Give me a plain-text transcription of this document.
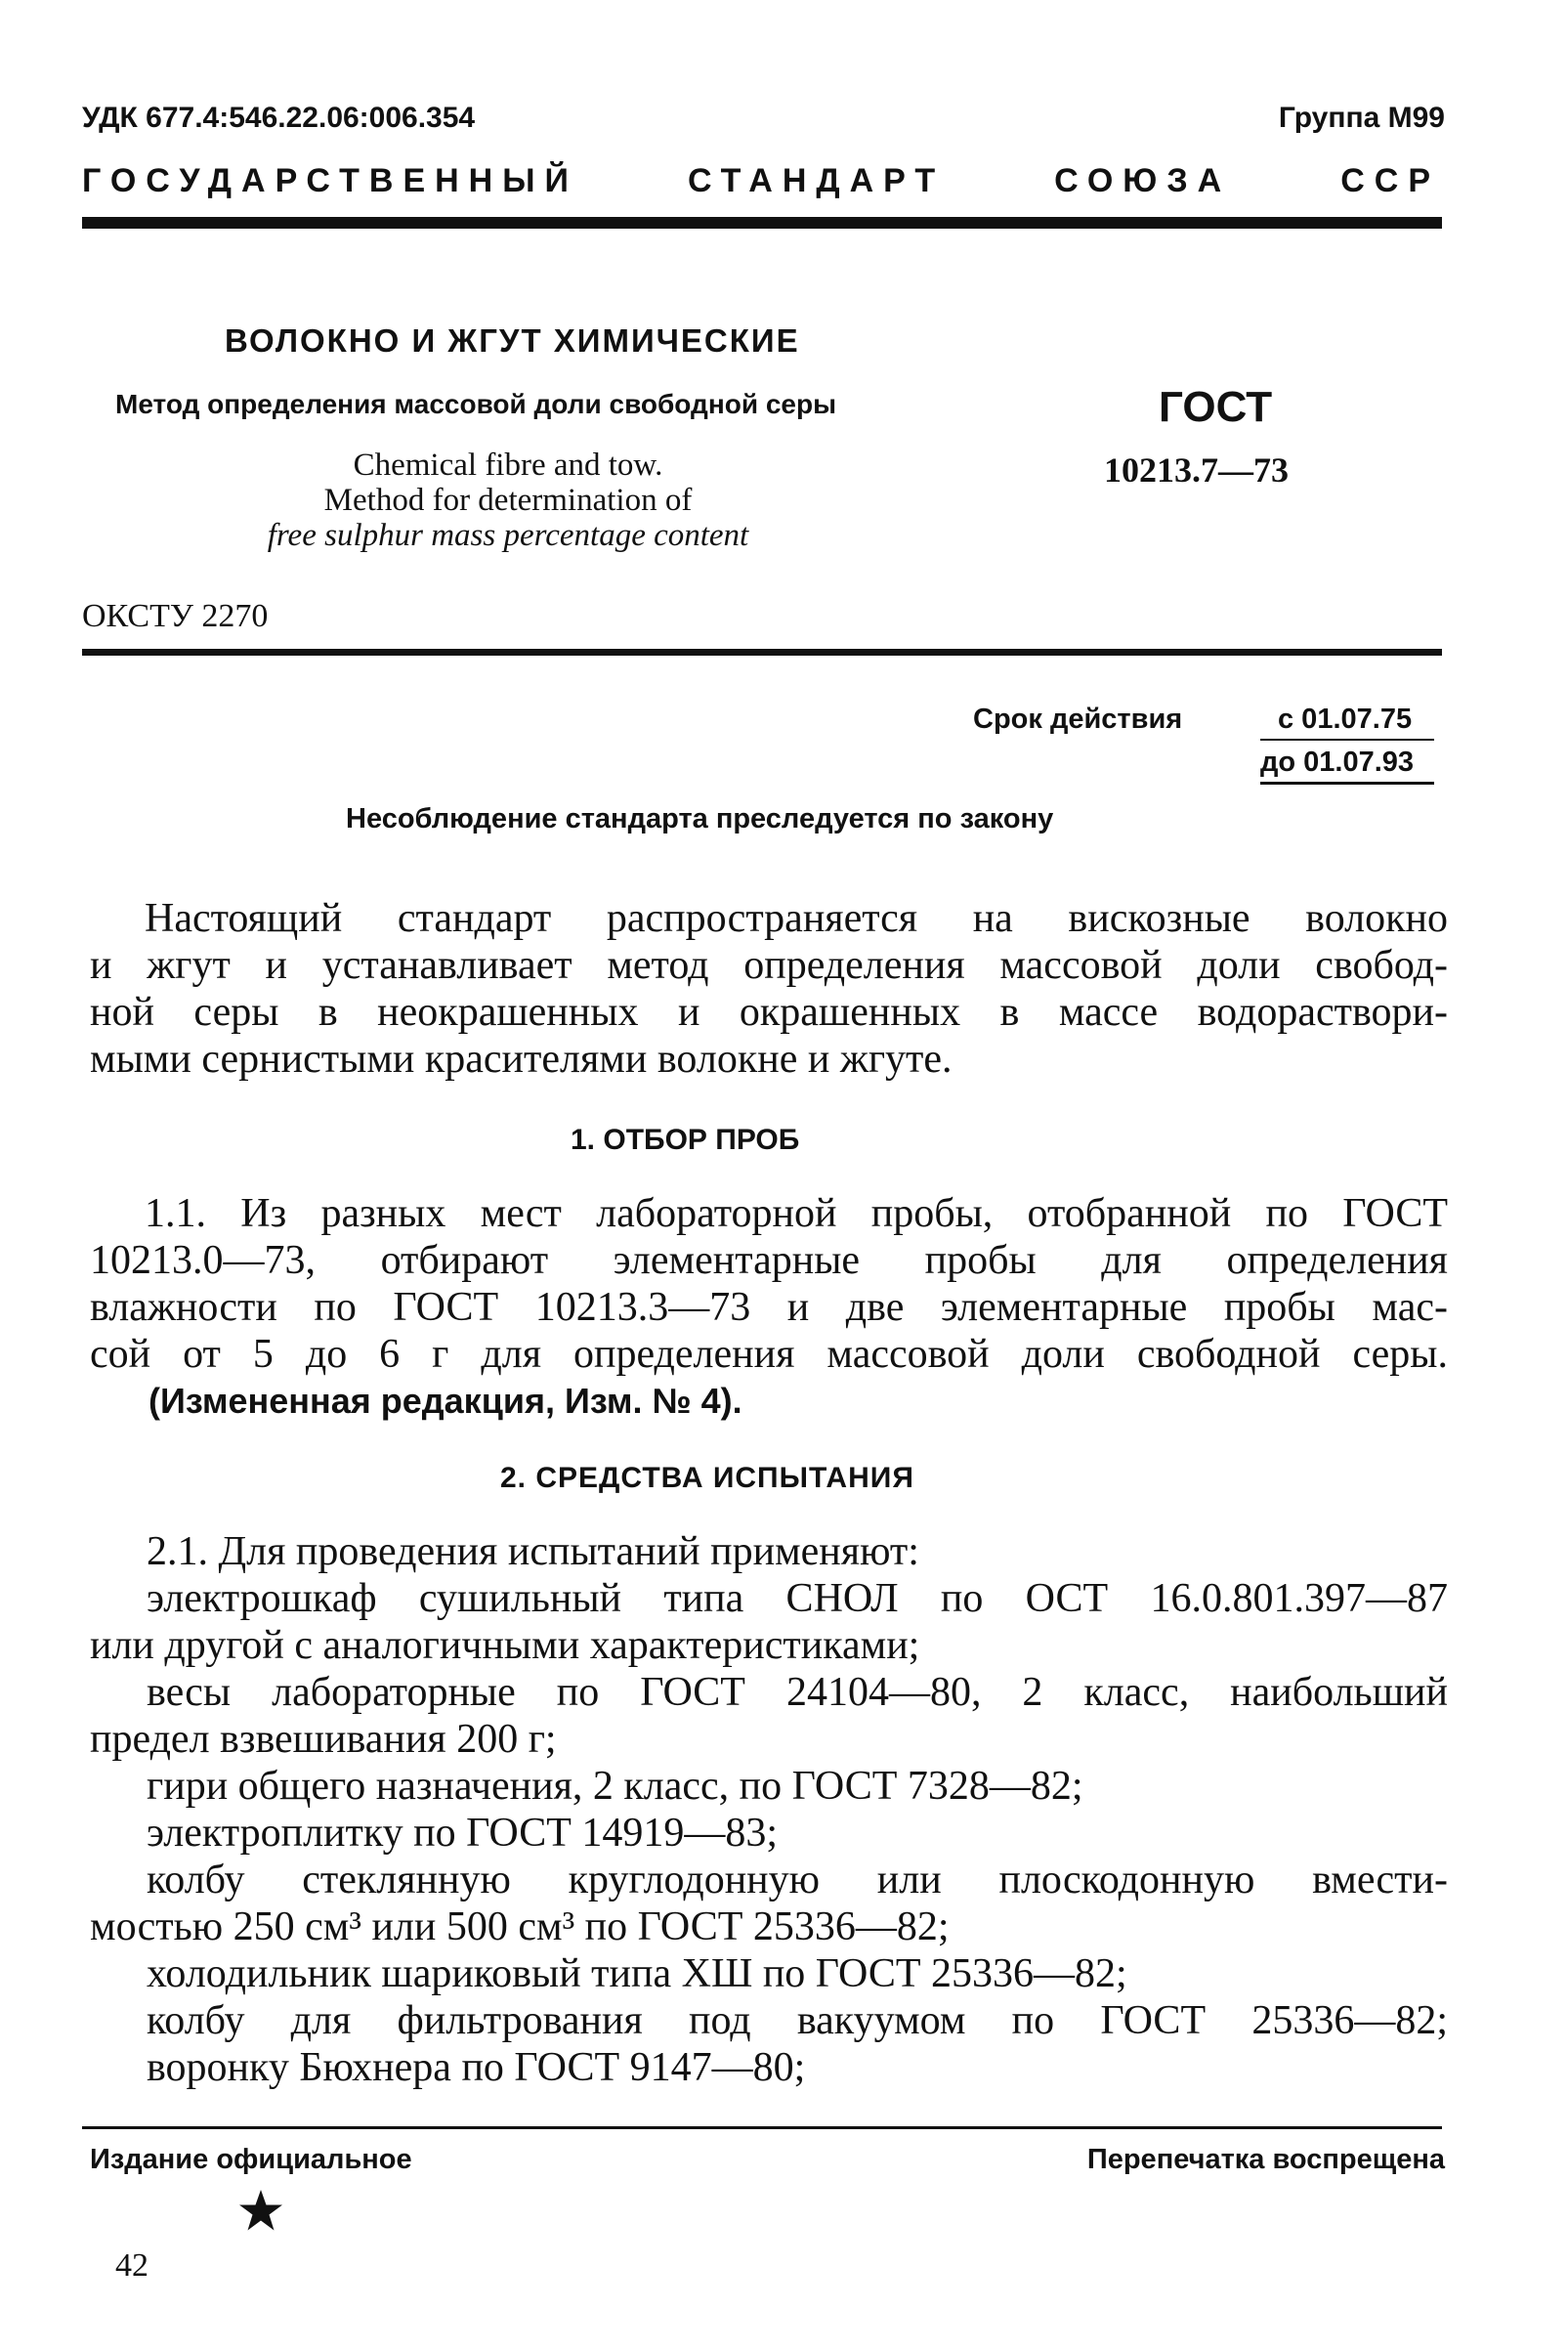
УДК 677.4:546.22.06:006.354	Группа М99
ГОСУДАРСТВЕННЫЙ СТАНДАРТ СОЮЗА ССР
ВОЛОКНО И ЖГУТ ХИМИЧЕСКИЕ
Метод определения массовой доли свободной серы
Chemical fibre and tow.
Method for determination of
free sulphur mass percentage content
ГОСТ
10213.7—73
ОКСТУ 2270
Срок действия	с 01.07.75
до 01.07.93
Несоблюдение стандарта преследуется по закону
Настоящий стандарт распространяется на вискозные волокно
и жгут и устанавливает метод определения массовой доли свобод-
ной серы в неокрашенных и окрашенных в массе водораствори-
мыми сернистыми красителями волокне и жгуте.
1. ОТБОР ПРОБ
1.1. Из разных мест лабораторной пробы, отобранной по ГОСТ
10213.0—73, отбирают элементарные пробы для определения
влажности по ГОСТ 10213.3—73 и две элементарные пробы мас-
сой от 5 до 6 г для определения массовой доли свободной серы.
(Измененная редакция, Изм. № 4).
2. СРЕДСТВА ИСПЫТАНИЯ
2.1. Для проведения испытаний применяют:
электрошкаф сушильный типа СНОЛ по ОСТ 16.0.801.397—87
или другой с аналогичными характеристиками;
весы лабораторные по ГОСТ 24104—80, 2 класс, наибольший
предел взвешивания 200 г;
гири общего назначения, 2 класс, по ГОСТ 7328—82;
электроплитку по ГОСТ 14919—83;
колбу стеклянную круглодонную или плоскодонную вмести-
мостью 250 см³ или 500 см³ по ГОСТ 25336—82;
холодильник шариковый типа ХШ по ГОСТ 25336—82;
колбу для фильтрования под вакуумом по ГОСТ 25336—82;
воронку Бюхнера по ГОСТ 9147—80;
Издание официальное	Перепечатка воспрещена
42
